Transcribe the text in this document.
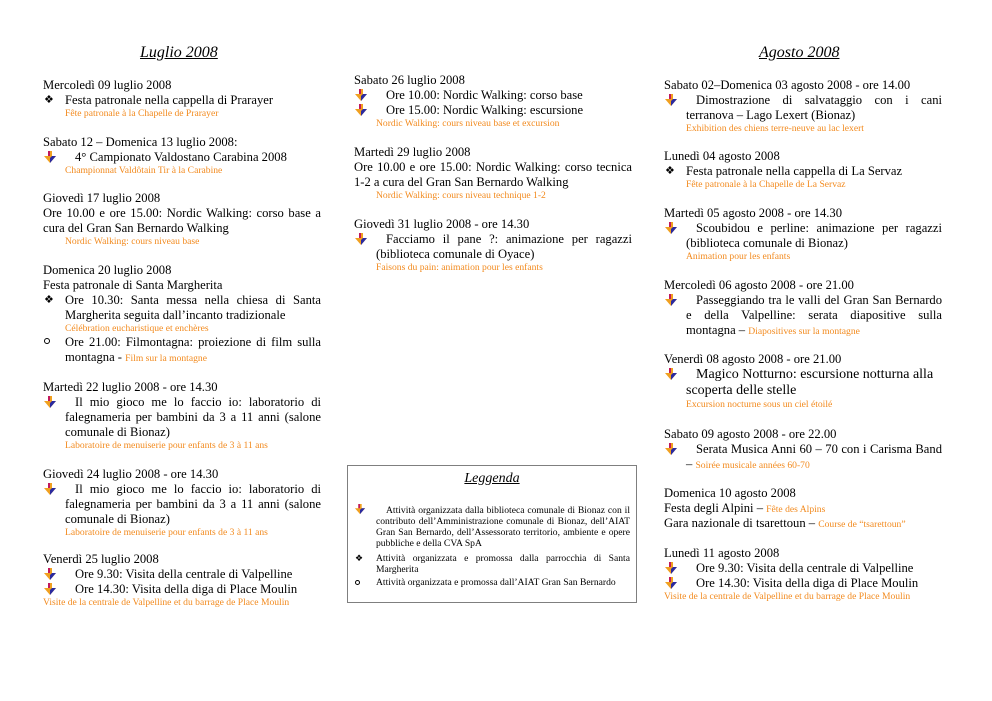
Luglio 2008	Agosto 2008
Mercoledì 09 luglio 2008
❖ Festa patronale nella cappella di Prarayer
Fête patronale à la Chapelle de Prarayer
Sabato 12 – Domenica 13 luglio 2008:
4° Campionato Valdostano Carabina 2008
Championnat Valdôtain Tir à la Carabine
Giovedì 17 luglio 2008
Ore 10.00 e ore 15.00: Nordic Walking: corso base a cura del Gran San Bernardo Walking
Nordic Walking: cours niveau base
Domenica 20 luglio 2008
Festa patronale di Santa Margherita
❖ Ore 10.30: Santa messa nella chiesa di Santa Margherita seguita dall’incanto tradizionale
Célébration eucharistique et enchères
Ore 21.00: Filmontagna: proiezione di film sulla montagna - Film sur la montagne
Martedì 22 luglio 2008 - ore 14.30
Il mio gioco me lo faccio io: laboratorio di falegnameria per bambini da 3 a 11 anni (salone comunale di Bionaz)
Laboratoire de menuiserie pour enfants de 3 à 11 ans
Giovedì 24 luglio 2008 - ore 14.30
Il mio gioco me lo faccio io: laboratorio di falegnameria per bambini da 3 a 11 anni (salone comunale di Bionaz)
Laboratoire de menuiserie pour enfants de 3 à 11 ans
Venerdì 25 luglio 2008
Ore 9.30: Visita della centrale di Valpelline
Ore 14.30: Visita della diga di Place Moulin
Visite de la centrale de Valpelline et du barrage de Place Moulin
Sabato 26 luglio 2008
Ore 10.00: Nordic Walking: corso base
Ore 15.00: Nordic Walking: escursione
Nordic Walking: cours niveau base et excursion
Martedì 29 luglio 2008
Ore 10.00 e ore 15.00: Nordic Walking: corso tecnica 1-2 a cura del Gran San Bernardo Walking
Nordic Walking: cours niveau technique 1-2
Giovedì 31 luglio 2008 - ore 14.30
Facciamo il pane ?: animazione per ragazzi (biblioteca comunale di Oyace)
Faisons du pain: animation pour les enfants
Leggenda
Attività organizzata dalla biblioteca comunale di Bionaz con il contributo dell’Amministrazione comunale di Bionaz, dell’AIAT Gran San Bernardo, dell’Assessorato territorio, ambiente e opere pubbliche e della CVA SpA
❖	Attività organizzata e promossa dalla parrocchia di Santa Margherita
Attività organizzata e promossa dall’AIAT Gran San Bernardo
Sabato 02–Domenica 03 agosto 2008 - ore 14.00
Dimostrazione di salvataggio con i cani terranova – Lago Lexert (Bionaz)
Exhibition des chiens terre-neuve au lac lexert
Lunedì 04 agosto 2008
❖ Festa patronale nella cappella di La Servaz
Fête patronale à la Chapelle de La Servaz
Martedì 05 agosto 2008 - ore 14.30
Scoubidou e perline: animazione per ragazzi (biblioteca comunale di Bionaz)
Animation pour les enfants
Mercoledì 06 agosto 2008 - ore 21.00
Passeggiando tra le valli del Gran San Bernardo e della Valpelline: serata diapositive sulla montagna – Diapositives sur la montagne
Venerdì 08 agosto 2008 - ore 21.00
Magico Notturno: escursione notturna alla scoperta delle stelle
Excursion nocturne sous un ciel étoilé
Sabato 09 agosto 2008 - ore 22.00
Serata Musica Anni 60 – 70 con i Carisma Band – Soirée musicale années 60-70
Domenica 10 agosto 2008
Festa degli Alpini – Fête des Alpins
Gara nazionale di tsarettoun – Course de “tsarettoun”
Lunedì 11 agosto 2008
Ore 9.30: Visita della centrale di Valpelline
Ore 14.30: Visita della diga di Place Moulin
Visite de la centrale de Valpelline et du barrage de Place Moulin
